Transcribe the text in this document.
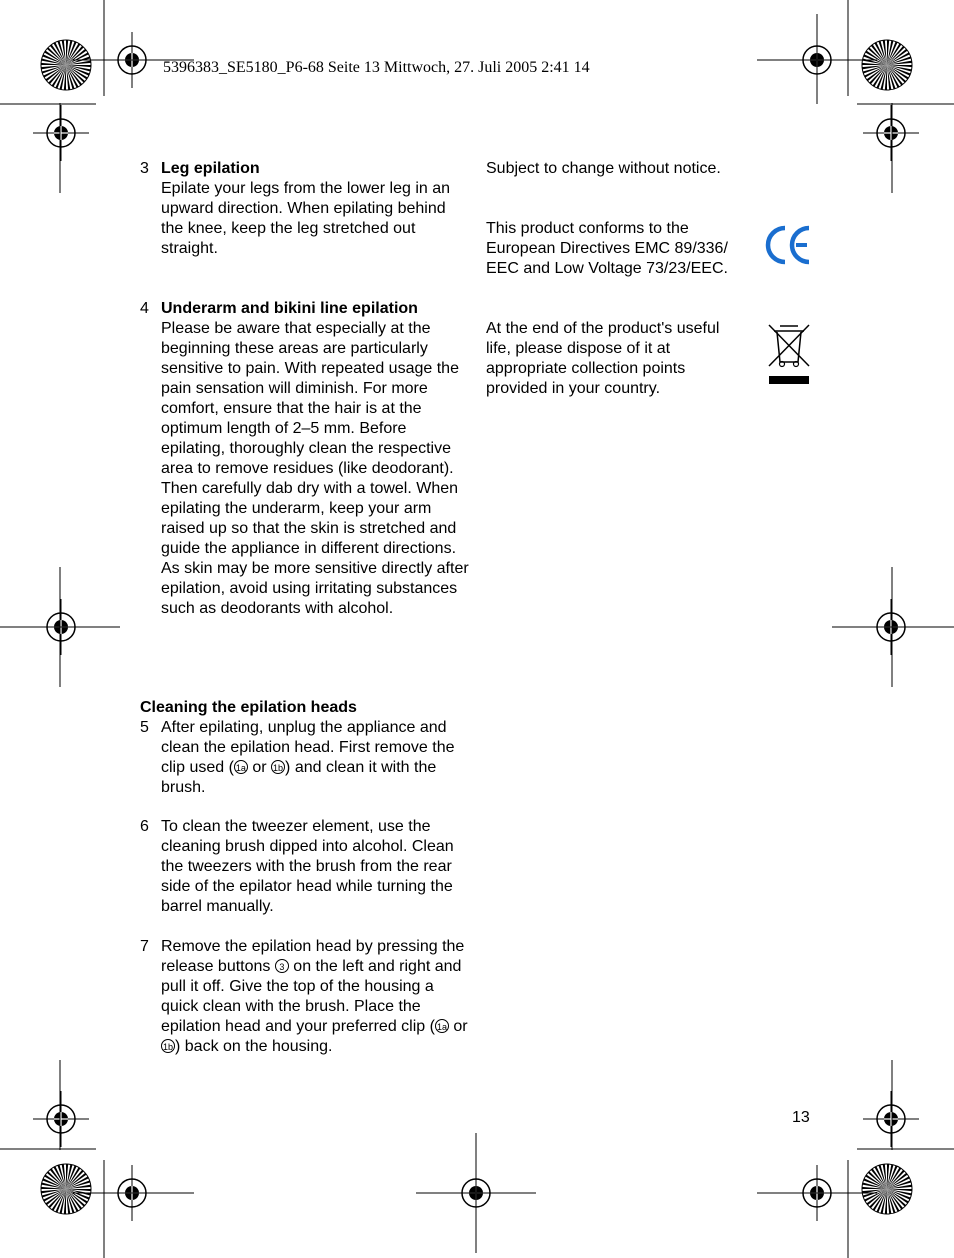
5396383_SE5180_P6-68 Seite 13 Mittwoch, 27. Juli 2005 2:41 14
3 Leg epilation
Epilate your legs from the lower leg in an upward direction. When epilating behind the knee, keep the leg stretched out straight.
4 Underarm and bikini line epilation
Please be aware that especially at the beginning these areas are particularly sensitive to pain. With repeated usage the pain sensation will diminish. For more comfort, ensure that the hair is at the optimum length of 2–5 mm. Before epilating, thoroughly clean the respective area to remove residues (like deodorant). Then carefully dab dry with a towel. When epilating the underarm, keep your arm raised up so that the skin is stretched and guide the appliance in different directions.
As skin may be more sensitive directly after epilation, avoid using irritating substances such as deodorants with alcohol.
Cleaning the epilation heads
5 After epilating, unplug the appliance and clean the epilation head. First remove the clip used ( 1a or 1b ) and clean it with the brush.
6 To clean the tweezer element, use the cleaning brush dipped into alcohol. Clean the tweezers with the brush from the rear side of the epilator head while turning the barrel manually.
7 Remove the epilation head by pressing the release buttons 3 on the left and right and pull it off. Give the top of the housing a quick clean with the brush. Place the epilation head and your preferred clip ( 1a or 1b ) back on the housing.
Subject to change without notice.
This product conforms to the European Directives EMC 89/336/ EEC and Low Voltage 73/23/EEC.
At the end of the product's useful life, please dispose of it at appropriate collection points provided in your country.
13
